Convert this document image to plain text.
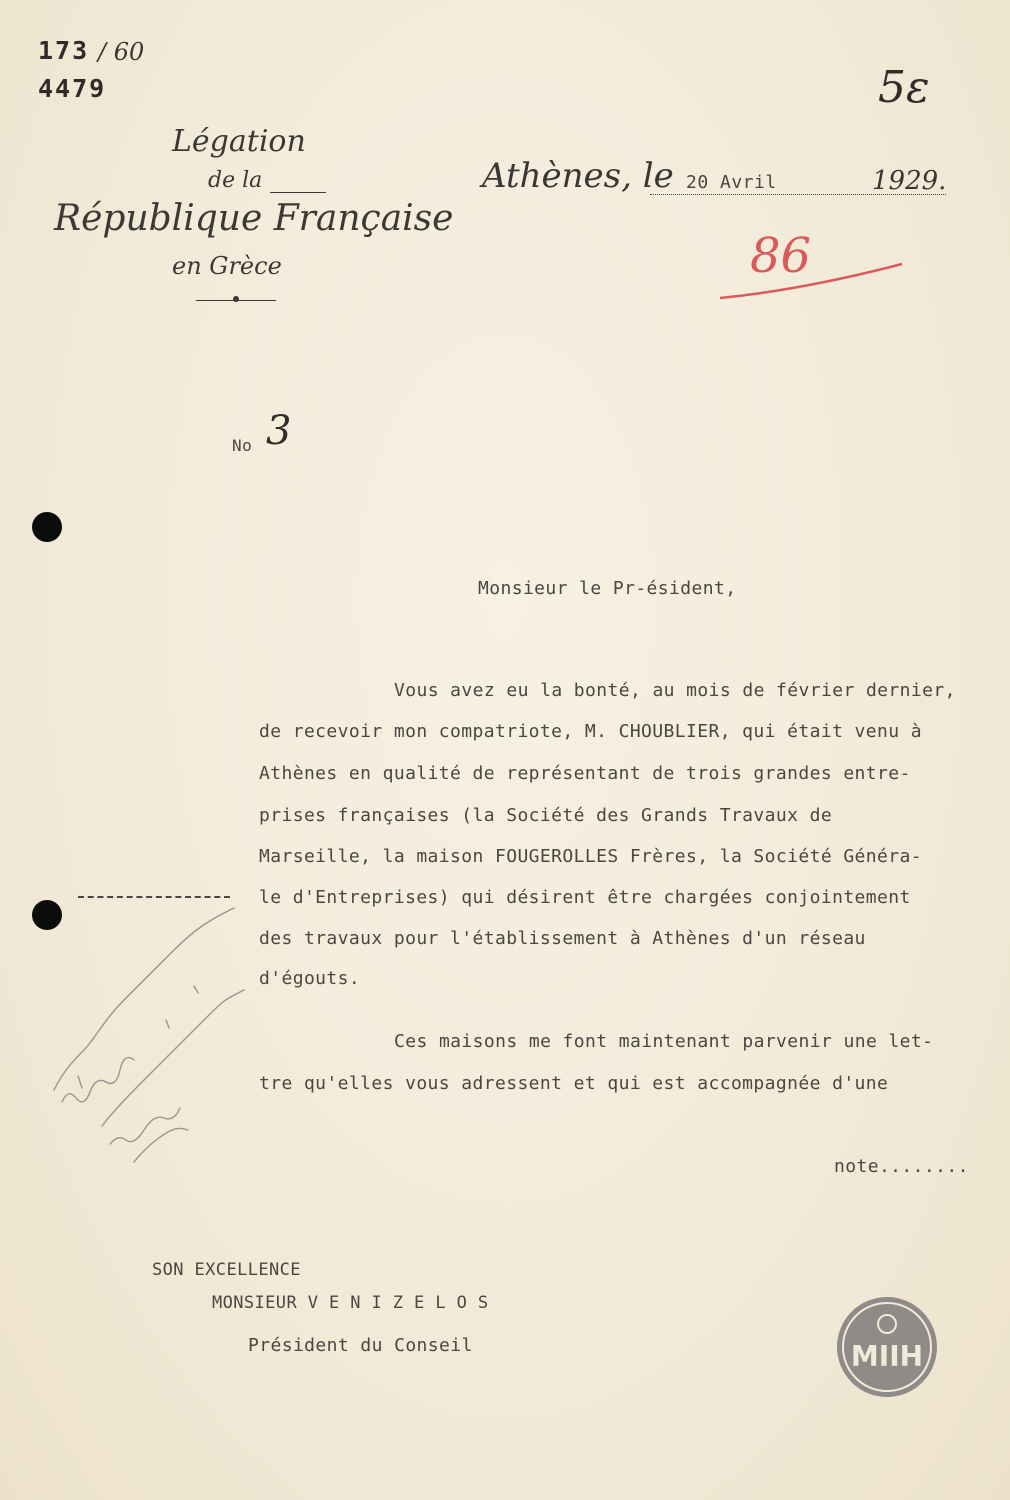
173 / 60
4479	5ε
Légation
de la
République Française
en Grèce
Athènes, le 20 Avril	1929.
86
No 3
Monsieur le Pr-ésident,
Vous avez eu la bonté, au mois de février dernier,
de recevoir mon compatriote, M. CHOUBLIER, qui était venu à
Athènes en qualité de représentant de trois grandes entre-
prises françaises (la Société des Grands Travaux de
Marseille, la maison FOUGEROLLES Frères, la Société Généra-
le d'Entreprises) qui désirent être chargées conjointement
des travaux pour l'établissement à Athènes d'un réseau
d'égouts.
Ces maisons me font maintenant parvenir une let-
tre qu'elles vous adressent et qui est accompagnée d'une
note........
SON EXCELLENCE
MONSIEUR V E N I Z E L O S
Président du Conseil	ΜΙΙΗ
